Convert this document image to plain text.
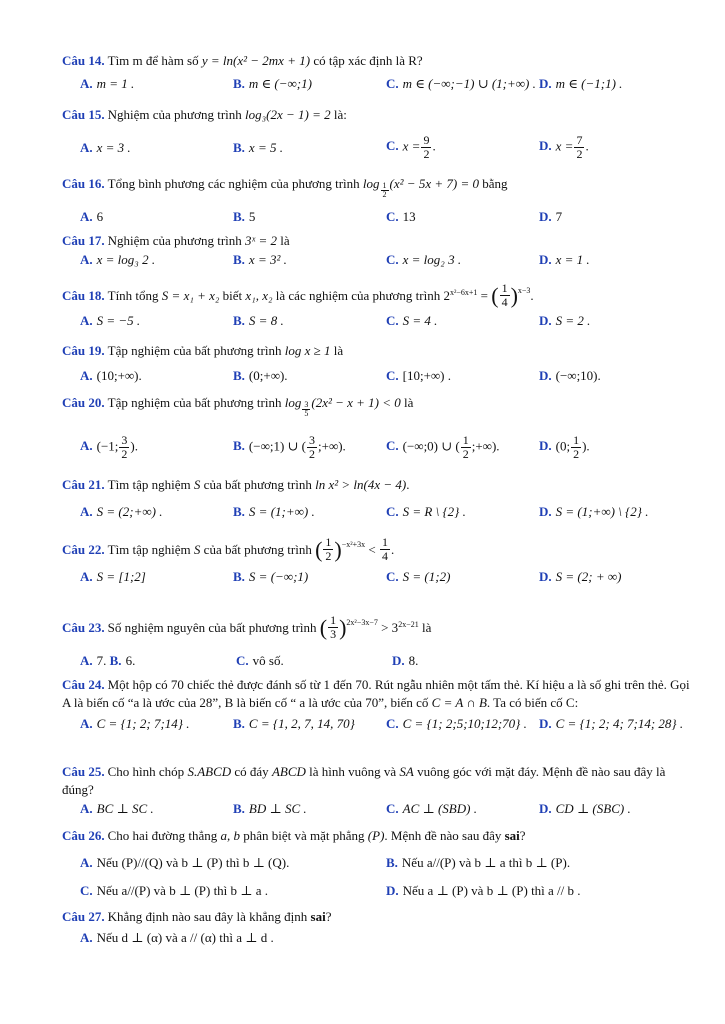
Câu 14. Tìm m để hàm số y = ln(x² − 2mx + 1) có tập xác định là R?
A. m = 1 .	B. m ∈ (−∞;1)	C. m ∈ (−∞;−1) ∪ (1;+∞) . D. m ∈ (−1;1) .
Câu 15. Nghiệm của phương trình log₃(2x − 1) = 2 là:
A. x = 3 .	B. x = 5 .	C. $x = \frac{9}{2}$ .	D. $x = \frac{7}{2}$ .
Câu 16. Tổng bình phương các nghiệm của phương trình $\log \frac{1}{2} (x^2 - 5x + 7) = 0$ bằng
A. 6	B. 5	C. 13	D. 7
Câu 17. Nghiệm của phương trình 3ˣ = 2 là
A. x = log₃ 2 .	B. x = 3² .	C. x = log₂ 3 .	D. x = 1 .
Câu 18. Tính tổng S = x₁ + x₂ biết x₁, x₂ là các nghiệm của phương trình 2 x²−6x+1 = ( $\frac{1}{4} )^{x-3}$ .
A. S = −5 .	B. S = 8 .	C. S = 4 .	D. S = 2 .
Câu 19. Tập nghiệm của bất phương trình log x ≥ 1 là
A. (10;+∞).	B. (0;+∞).	C. [10;+∞) .	D. (−∞;10).
Câu 20. Tập nghiệm của bất phương trình $\log \frac{3}{5} (2x^2 - x + 1) < 0$ là
A. (−1; $\frac{3}{2}$ ).	B. (−∞;1) ∪ ( $\frac{3}{2}$ ;+∞).	C. (−∞;0) ∪ ( $\frac{1}{2}$ ;+∞).	D. (0; $\frac{1}{2}$ ).
Câu 21. Tìm tập nghiệm S của bất phương trình ln x² > ln(4x − 4).
A. S = (2;+∞) .	B. S = (1;+∞) .	C. S = R \ {2} .	D. S = (1;+∞) \ {2} .
Câu 22. Tìm tập nghiệm S của bất phương trình ( $\frac{1}{2} )^{-x^2+3x} < \frac{1}{4}$ .
A. S = [1;2]	B. S = (−∞;1)	C. S = (1;2)	D. S = (2; + ∞)
Câu 23. Số nghiệm nguyên của bất phương trình ( $\frac{1}{3} )^{2x^2-3x-7} > 3$ 2x−21 là
A. 7. B. 6.	C. vô số.	D. 8.
Câu 24. Một hộp có 70 chiếc thẻ được đánh số từ 1 đến 70. Rút ngẫu nhiên một tấm thẻ. Kí hiệu a là số ghi trên thẻ. Gọi A là biến cố “a là ước của 28”, B là biến cố “ a là ước của 70”, biến cố C = A ∩ B. Ta có biến cố C:
A. C = {1; 2; 7;14} .	B. C = {1, 2, 7, 14, 70}	C. C = {1; 2;5;10;12;70} . D. C = {1; 2; 4; 7;14; 28} .
Câu 25. Cho hình chóp S.ABCD có đáy ABCD là hình vuông và SA vuông góc với mặt đáy. Mệnh đề nào sau đây là đúng?
A. BC ⊥ SC .	B. BD ⊥ SC .	C. AC ⊥ (SBD) .	D. CD ⊥ (SBC) .
Câu 26. Cho hai đường thẳng a, b phân biệt và mặt phẳng (P). Mệnh đề nào sau đây sai?
A. Nếu (P)//(Q) và b ⊥ (P) thì b ⊥ (Q).	B. Nếu a//(P) và b ⊥ a thì b ⊥ (P).
C. Nếu a//(P) và b ⊥ (P) thì b ⊥ a .	D. Nếu a ⊥ (P) và b ⊥ (P) thì a // b .
Câu 27. Khẳng định nào sau đây là khẳng định sai?
A. Nếu d ⊥ (α) và a // (α) thì a ⊥ d .
